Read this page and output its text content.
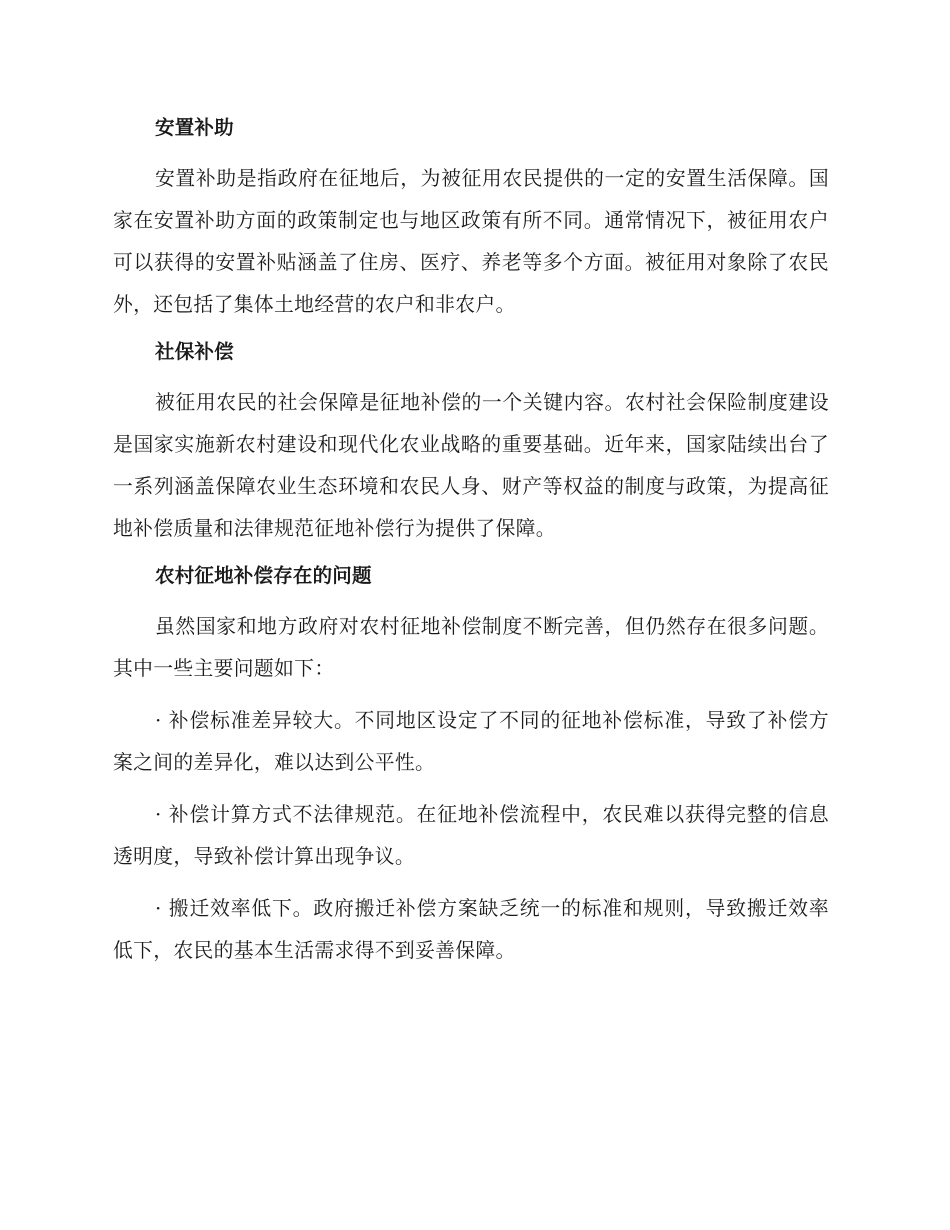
安置补助

安置补助是指政府在征地后，为被征用农民提供的一定的安置生活保障。国家在安置补助方面的政策制定也与地区政策有所不同。通常情况下，被征用农户可以获得的安置补贴涵盖了住房、医疗、养老等多个方面。被征用对象除了农民外，还包括了集体土地经营的农户和非农户。

社保补偿

被征用农民的社会保障是征地补偿的一个关键内容。农村社会保险制度建设是国家实施新农村建设和现代化农业战略的重要基础。近年来，国家陆续出台了一系列涵盖保障农业生态环境和农民人身、财产等权益的制度与政策，为提高征地补偿质量和法律规范征地补偿行为提供了保障。

农村征地补偿存在的问题

虽然国家和地方政府对农村征地补偿制度不断完善，但仍然存在很多问题。其中一些主要问题如下：

· 补偿标准差异较大。不同地区设定了不同的征地补偿标准，导致了补偿方案之间的差异化，难以达到公平性。

· 补偿计算方式不法律规范。在征地补偿流程中，农民难以获得完整的信息透明度，导致补偿计算出现争议。

· 搬迁效率低下。政府搬迁补偿方案缺乏统一的标准和规则，导致搬迁效率低下，农民的基本生活需求得不到妥善保障。
